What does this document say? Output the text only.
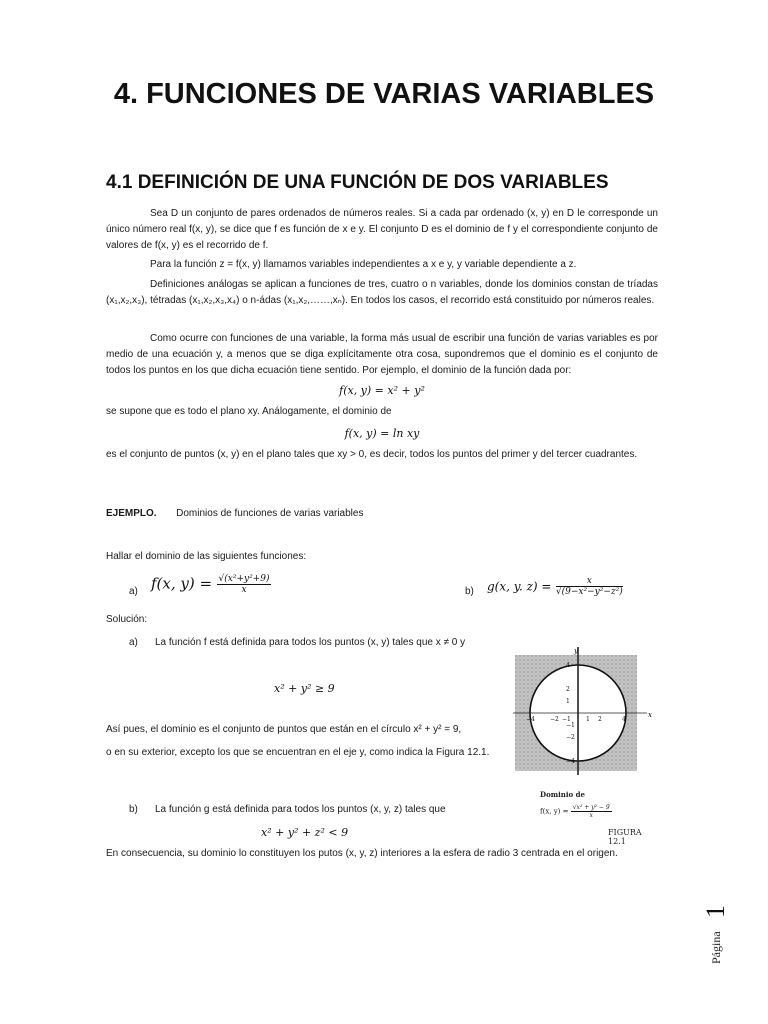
4. FUNCIONES DE VARIAS VARIABLES
4.1 DEFINICIÓN DE UNA FUNCIÓN DE DOS VARIABLES
Sea D un conjunto de pares ordenados de números reales. Si a cada par ordenado (x, y) en D le corresponde un único número real f(x, y), se dice que f es función de x e y. El conjunto D es el dominio de f y el correspondiente conjunto de valores de f(x, y) es el recorrido de f.
Para la función z = f(x, y) llamamos variables independientes a x e y, y variable dependiente a z.
Definiciones análogas se aplican a funciones de tres, cuatro o n variables, donde los dominios constan de tríadas (x₁,x₂,x₃), tétradas (x₁,x₂,x₃,x₄) o n-ádas (x₁,x₂,……,xₙ). En todos los casos, el recorrido está constituido por números reales.
Como ocurre con funciones de una variable, la forma más usual de escribir una función de varias variables es por medio de una ecuación y, a menos que se diga explícitamente otra cosa, supondremos que el dominio es el conjunto de todos los puntos en los que dicha ecuación tiene sentido. Por ejemplo, el dominio de la función dada por:
f(x, y) = x² + y²
se supone que es todo el plano xy. Análogamente, el dominio de
f(x, y) = ln xy
es el conjunto de puntos (x, y) en el plano tales que xy > 0, es decir, todos los puntos del primer y del tercer cuadrantes.
EJEMPLO. Dominios de funciones de varias variables
Hallar el dominio de las siguientes funciones:
a) f(x, $y) = \frac{\text{√(x²+y²+9)}}{x}$	b) g(x, y. $z) = \frac{x}{\text{√(9−x²−y²−z²)}}$
Solución:
a) La función f está definida para todos los puntos (x, y) tales que x ≠ 0 y
x² + y² ≥ 9
Así pues, el dominio es el conjunto de puntos que están en el círculo x² + y² = 9,
o en su exterior, excepto los que se encuentran en el eje y, como indica la Figura 12.1.
x
y
−4	−2 −1	1 2	4
4
2
1
−1
−2
−4
Dominio de
f(x, $y) = \frac{\text{√x² + y² − 9}}{x}$
FIGURA 12.1
b) La función g está definida para todos los puntos (x, y, z) tales que
x² + y² + z² < 9
En consecuencia, su dominio lo constituyen los putos (x, y, z) interiores a la esfera de radio 3 centrada en el origen.
Página
1
